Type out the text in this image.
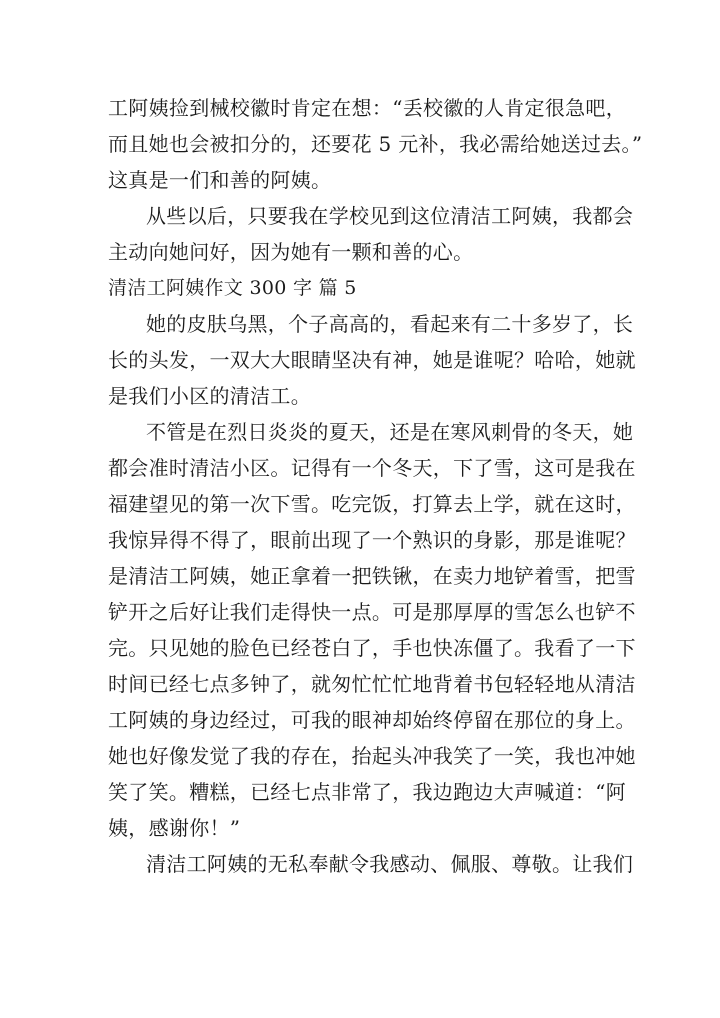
工阿姨捡到械校徽时肯定在想：“丢校徽的人肯定很急吧，
而且她也会被扣分的，还要花 5 元补，我必需给她送过去。”
这真是一们和善的阿姨。
从些以后，只要我在学校见到这位清洁工阿姨，我都会
主动向她问好，因为她有一颗和善的心。
清洁工阿姨作文 300 字 篇 5
她的皮肤乌黑，个子高高的，看起来有二十多岁了，长
长的头发，一双大大眼睛坚决有神，她是谁呢？哈哈，她就
是我们小区的清洁工。
不管是在烈日炎炎的夏天，还是在寒风刺骨的冬天，她
都会准时清洁小区。记得有一个冬天，下了雪，这可是我在
福建望见的第一次下雪。吃完饭，打算去上学，就在这时，
我惊异得不得了，眼前出现了一个熟识的身影，那是谁呢？
是清洁工阿姨，她正拿着一把铁锹，在卖力地铲着雪，把雪
铲开之后好让我们走得快一点。可是那厚厚的雪怎么也铲不
完。只见她的脸色已经苍白了，手也快冻僵了。我看了一下
时间已经七点多钟了，就匆忙忙忙地背着书包轻轻地从清洁
工阿姨的身边经过，可我的眼神却始终停留在那位的身上。
她也好像发觉了我的存在，抬起头冲我笑了一笑，我也冲她
笑了笑。糟糕，已经七点非常了，我边跑边大声喊道：“阿
姨，感谢你！”
清洁工阿姨的无私奉献令我感动、佩服、尊敬。让我们
